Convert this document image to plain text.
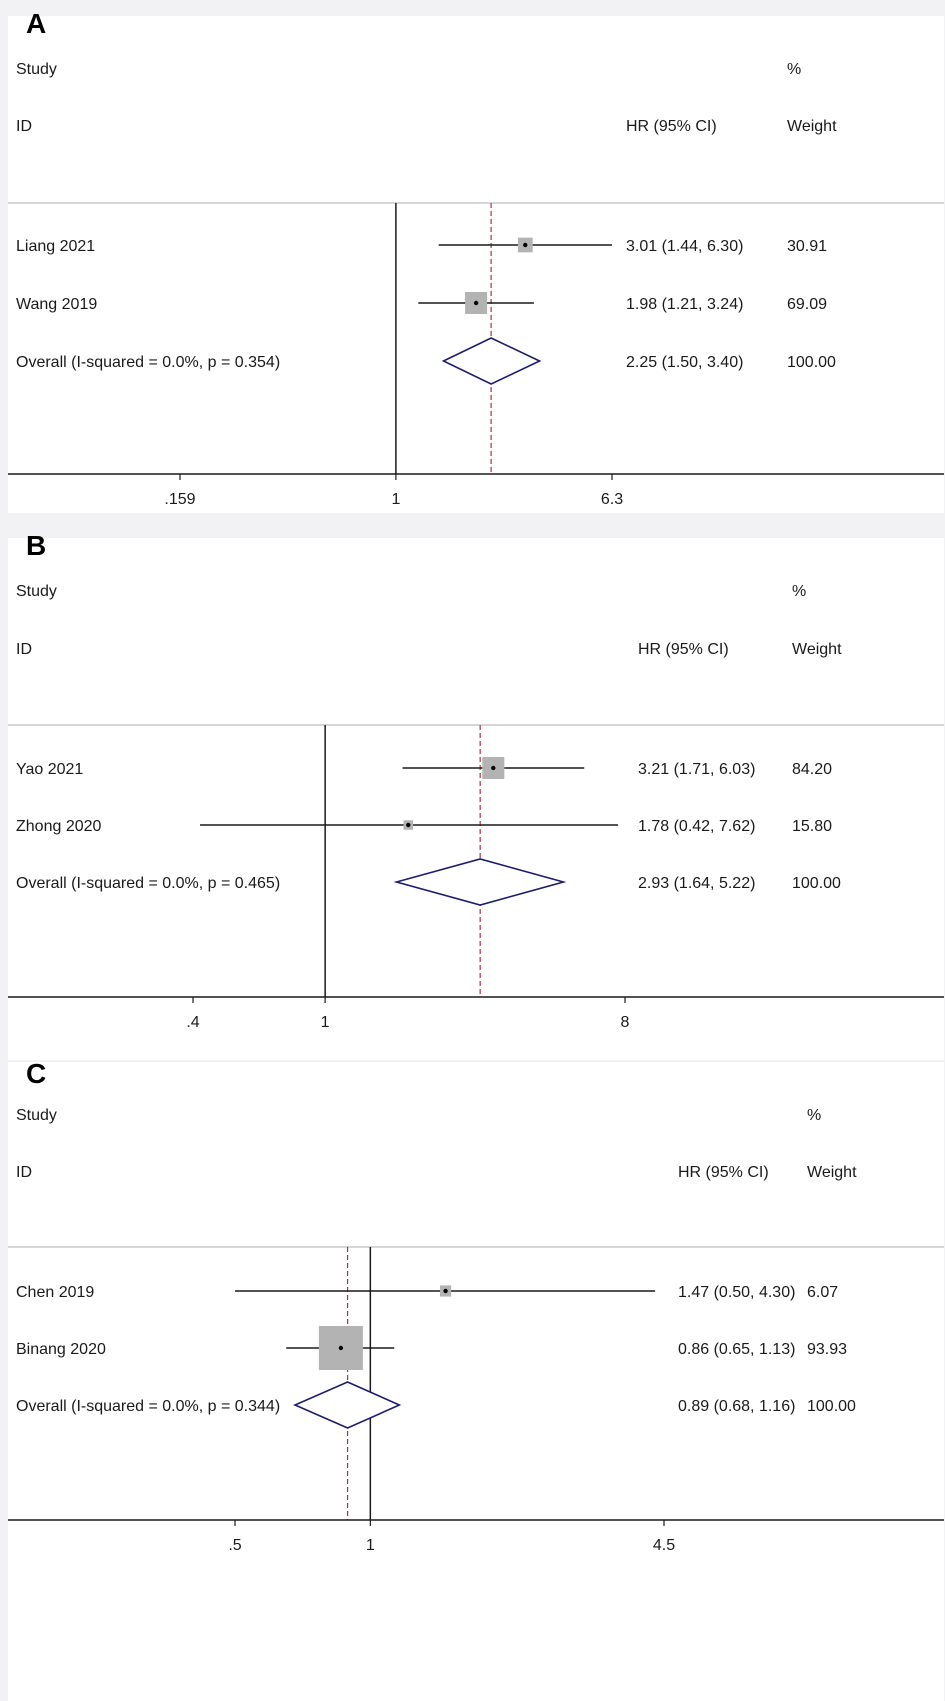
A
Study	%
ID	HR (95% CI)	Weight
Liang 2021	3.01 (1.44, 6.30)	30.91
Wang 2019	1.98 (1.21, 3.24)	69.09
Overall (I-squared = 0.0%, p = 0.354)	2.25 (1.50, 3.40)	100.00
.159	1	6.3
B
Study	%
ID	HR (95% CI)	Weight
Yao 2021	3.21 (1.71, 6.03) 84.20
Zhong 2020	1.78 (0.42, 7.62) 15.80
Overall (I-squared = 0.0%, p = 0.465)	2.93 (1.64, 5.22) 100.00
.4	1	8
C
Study	%
ID	HR (95% CI) Weight
Chen 2019	1.47 (0.50, 4.30) 6.07
Binang 2020	0.86 (0.65, 1.13) 93.93
Overall (I-squared = 0.0%, p = 0.344)	0.89 (0.68, 1.16) 100.00
.5	1	4.5
